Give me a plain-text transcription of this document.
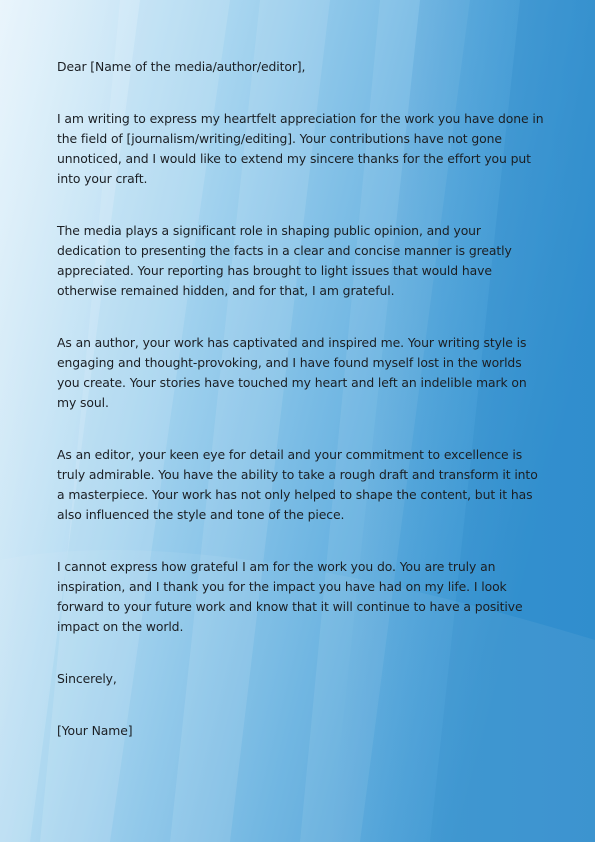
Dear [Name of the media/author/editor],

I am writing to express my heartfelt appreciation for the work you have done in the field of [journalism/writing/editing]. Your contributions have not gone unnoticed, and I would like to extend my sincere thanks for the effort you put into your craft.

The media plays a significant role in shaping public opinion, and your dedication to presenting the facts in a clear and concise manner is greatly appreciated. Your reporting has brought to light issues that would have otherwise remained hidden, and for that, I am grateful.

As an author, your work has captivated and inspired me. Your writing style is engaging and thought-provoking, and I have found myself lost in the worlds you create. Your stories have touched my heart and left an indelible mark on my soul.

As an editor, your keen eye for detail and your commitment to excellence is truly admirable. You have the ability to take a rough draft and transform it into a masterpiece. Your work has not only helped to shape the content, but it has also influenced the style and tone of the piece.

I cannot express how grateful I am for the work you do. You are truly an inspiration, and I thank you for the impact you have had on my life. I look forward to your future work and know that it will continue to have a positive impact on the world.

Sincerely,

[Your Name]
